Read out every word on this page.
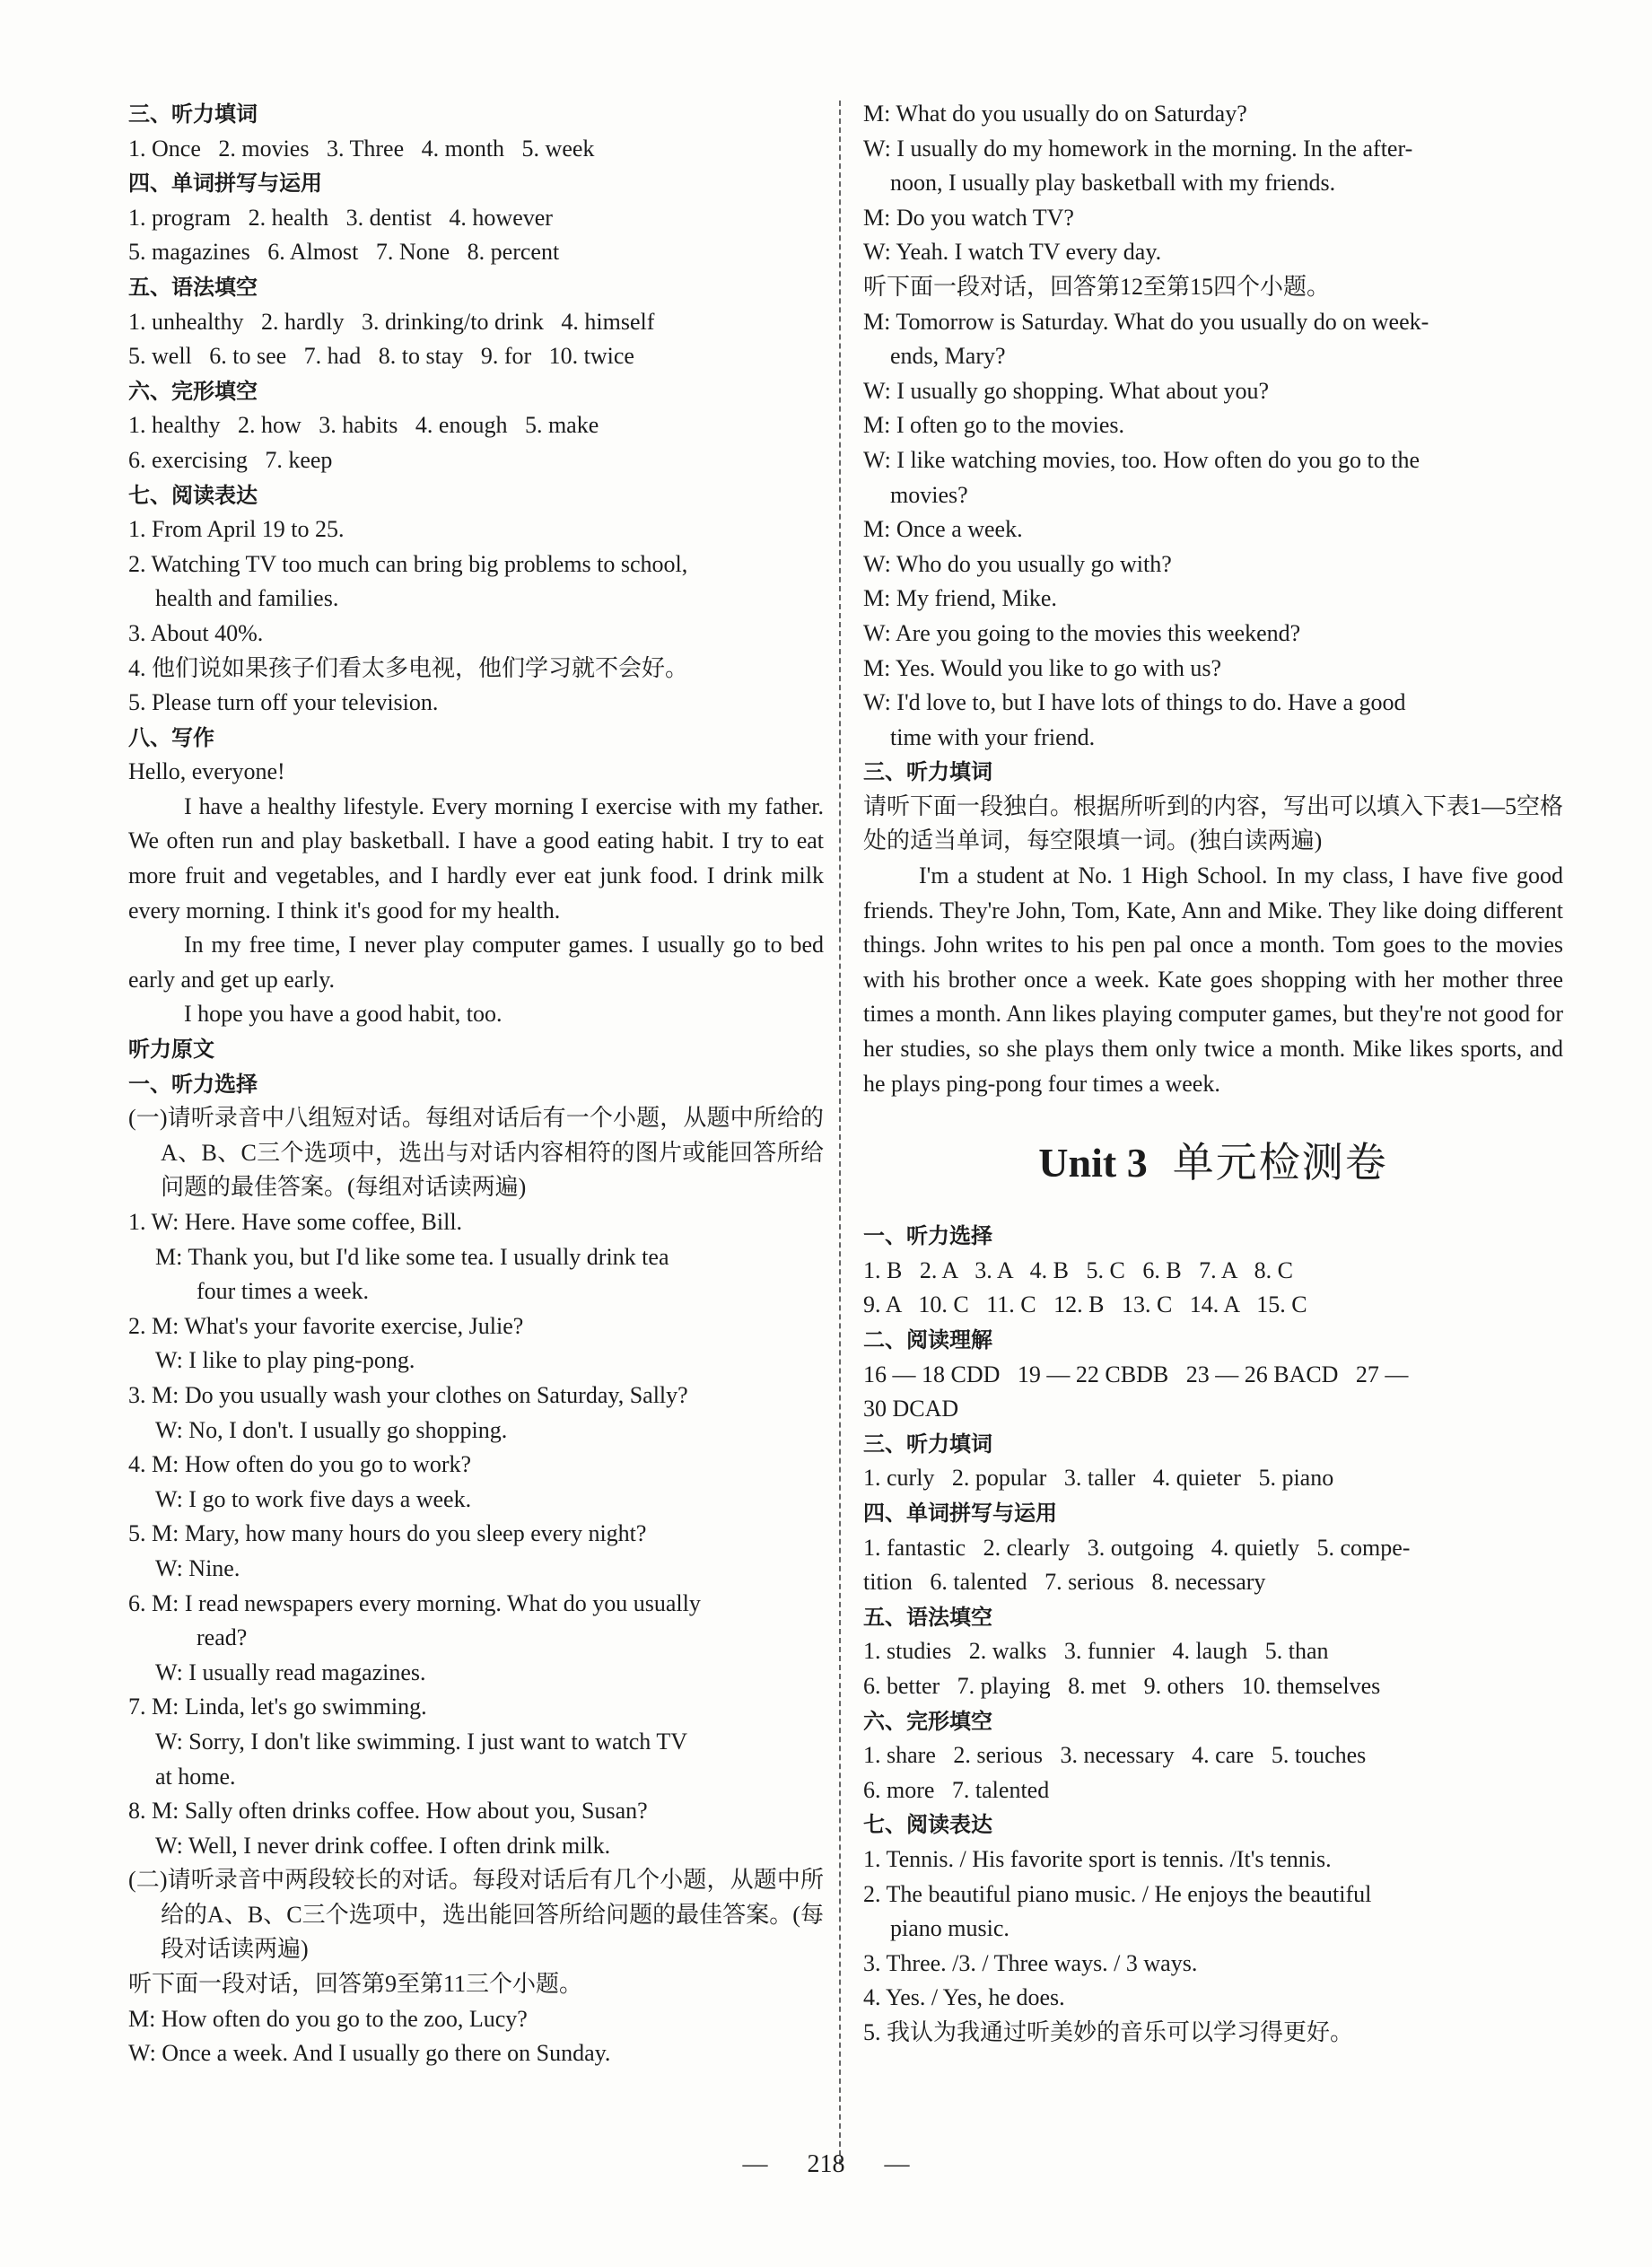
三、听力填词
1. Once   2. movies   3. Three   4. month   5. week
四、单词拼写与运用
1. program   2. health   3. dentist   4. however
5. magazines   6. Almost   7. None   8. percent
五、语法填空
1. unhealthy   2. hardly   3. drinking/to drink   4. himself
5. well   6. to see   7. had   8. to stay   9. for   10. twice
六、完形填空
1. healthy   2. how   3. habits   4. enough   5. make
6. exercising   7. keep
七、阅读表达
1. From April 19 to 25.
2. Watching TV too much can bring big problems to school,
health and families.
3. About 40%.
4. 他们说如果孩子们看太多电视，他们学习就不会好。
5. Please turn off your television.
八、写作
Hello, everyone!
I have a healthy lifestyle. Every morning I exercise with my father. We often run and play basketball. I have a good eating habit. I try to eat more fruit and vegetables, and I hardly ever eat junk food. I drink milk every morning. I think it's good for my health.
In my free time, I never play computer games. I usually go to bed early and get up early.
I hope you have a good habit, too.
听力原文
一、听力选择
(一)请听录音中八组短对话。每组对话后有一个小题，从题中所给的A、B、C三个选项中，选出与对话内容相符的图片或能回答所给问题的最佳答案。(每组对话读两遍)
1. W: Here. Have some coffee, Bill.
M: Thank you, but I'd like some tea. I usually drink tea
four times a week.
2. M: What's your favorite exercise, Julie?
W: I like to play ping-pong.
3. M: Do you usually wash your clothes on Saturday, Sally?
W: No, I don't. I usually go shopping.
4. M: How often do you go to work?
W: I go to work five days a week.
5. M: Mary, how many hours do you sleep every night?
W: Nine.
6. M: I read newspapers every morning. What do you usually
read?
W: I usually read magazines.
7. M: Linda, let's go swimming.
W: Sorry, I don't like swimming. I just want to watch TV
at home.
8. M: Sally often drinks coffee. How about you, Susan?
W: Well, I never drink coffee. I often drink milk.
(二)请听录音中两段较长的对话。每段对话后有几个小题，从题中所给的A、B、C三个选项中，选出能回答所给问题的最佳答案。(每段对话读两遍)
听下面一段对话，回答第9至第11三个小题。
M: How often do you go to the zoo, Lucy?
W: Once a week. And I usually go there on Sunday.
M: What do you usually do on Saturday?
W: I usually do my homework in the morning. In the after-
noon, I usually play basketball with my friends.
M: Do you watch TV?
W: Yeah. I watch TV every day.
听下面一段对话，回答第12至第15四个小题。
M: Tomorrow is Saturday. What do you usually do on week-
ends, Mary?
W: I usually go shopping. What about you?
M: I often go to the movies.
W: I like watching movies, too. How often do you go to the
movies?
M: Once a week.
W: Who do you usually go with?
M: My friend, Mike.
W: Are you going to the movies this weekend?
M: Yes. Would you like to go with us?
W: I'd love to, but I have lots of things to do. Have a good
time with your friend.
三、听力填词
请听下面一段独白。根据所听到的内容，写出可以填入下表1—5空格处的适当单词，每空限填一词。(独白读两遍)
I'm a student at No. 1 High School. In my class, I have five good friends. They're John, Tom, Kate, Ann and Mike. They like doing different things. John writes to his pen pal once a month. Tom goes to the movies with his brother once a week. Kate goes shopping with her mother three times a month. Ann likes playing computer games, but they're not good for her studies, so she plays them only twice a month. Mike likes sports, and he plays ping-pong four times a week.
Unit 3 单元检测卷
一、听力选择
1. B   2. A   3. A   4. B   5. C   6. B   7. A   8. C
9. A   10. C   11. C   12. B   13. C   14. A   15. C
二、阅读理解
16 — 18 CDD   19 — 22 CBDB   23 — 26 BACD   27 —
30 DCAD
三、听力填词
1. curly   2. popular   3. taller   4. quieter   5. piano
四、单词拼写与运用
1. fantastic   2. clearly   3. outgoing   4. quietly   5. compe-
tition   6. talented   7. serious   8. necessary
五、语法填空
1. studies   2. walks   3. funnier   4. laugh   5. than
6. better   7. playing   8. met   9. others   10. themselves
六、完形填空
1. share   2. serious   3. necessary   4. care   5. touches
6. more   7. talented
七、阅读表达
1. Tennis. / His favorite sport is tennis. /It's tennis.
2. The beautiful piano music. / He enjoys the beautiful
piano music.
3. Three. /3. / Three ways. / 3 ways.
4. Yes. / Yes, he does.
5. 我认为我通过听美妙的音乐可以学习得更好。
— 218 —
